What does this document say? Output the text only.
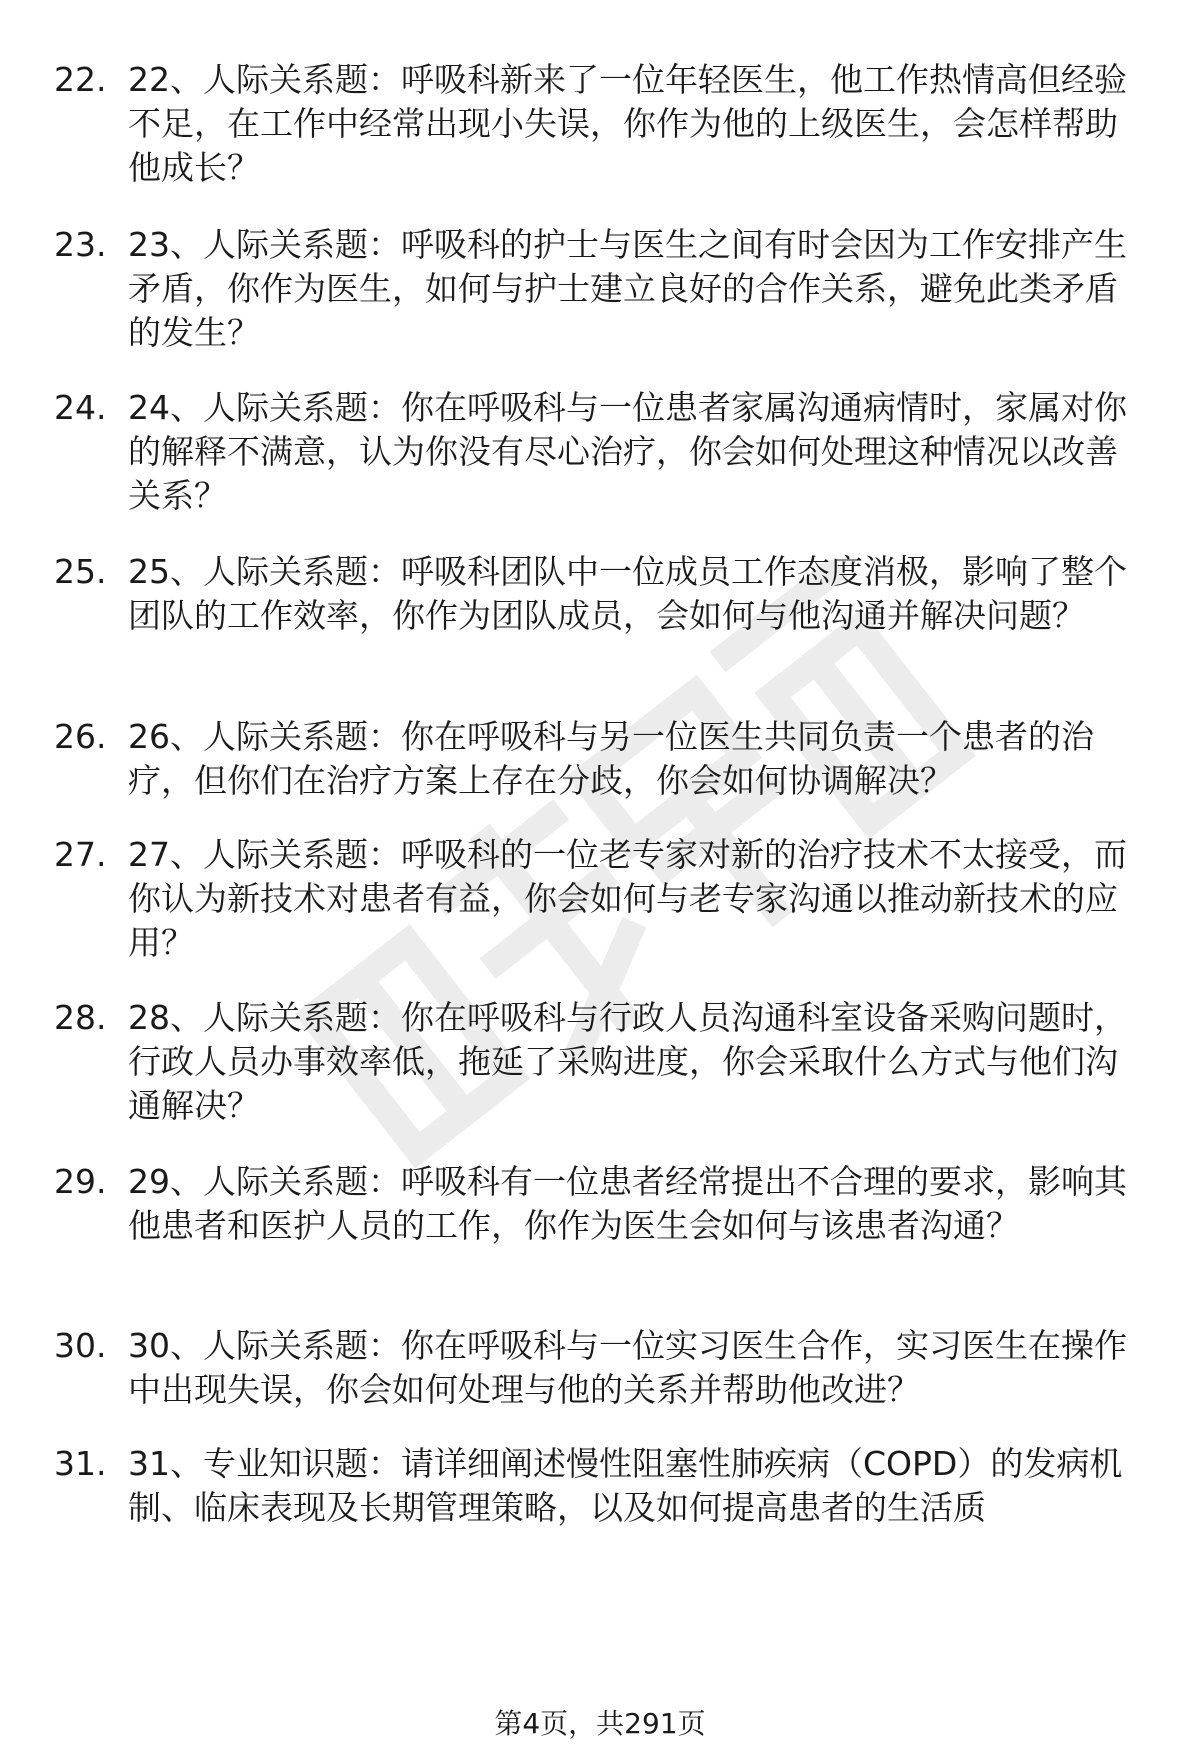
22. 22、人际关系题：呼吸科新来了一位年轻医生，他工作热情高但经验不足，在工作中经常出现小失误，你作为他的上级医生，会怎样帮助他成长？
23. 23、人际关系题：呼吸科的护士与医生之间有时会因为工作安排产生矛盾，你作为医生，如何与护士建立良好的合作关系，避免此类矛盾的发生？
24. 24、人际关系题：你在呼吸科与一位患者家属沟通病情时，家属对你的解释不满意，认为你没有尽心治疗，你会如何处理这种情况以改善关系？
25. 25、人际关系题：呼吸科团队中一位成员工作态度消极，影响了整个团队的工作效率，你作为团队成员，会如何与他沟通并解决问题？
26. 26、人际关系题：你在呼吸科与另一位医生共同负责一个患者的治疗，但你们在治疗方案上存在分歧，你会如何协调解决？
27. 27、人际关系题：呼吸科的一位老专家对新的治疗技术不太接受，而你认为新技术对患者有益，你会如何与老专家沟通以推动新技术的应用？
28. 28、人际关系题：你在呼吸科与行政人员沟通科室设备采购问题时，行政人员办事效率低，拖延了采购进度，你会采取什么方式与他们沟通解决？
29. 29、人际关系题：呼吸科有一位患者经常提出不合理的要求，影响其他患者和医护人员的工作，你作为医生会如何与该患者沟通？
30. 30、人际关系题：你在呼吸科与一位实习医生合作，实习医生在操作中出现失误，你会如何处理与他的关系并帮助他改进？
31. 31、专业知识题：请详细阐述慢性阻塞性肺疾病（COPD）的发病机制、临床表现及长期管理策略，以及如何提高患者的生活质
第4页，共291页
